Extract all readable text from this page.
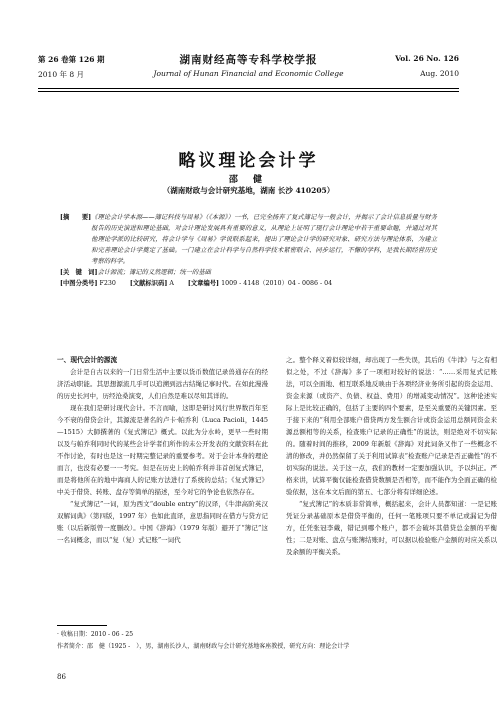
第 26 卷第 126 期
2010 年 8 月
湖南财经高等专科学校学报
Journal of Hunan Financial and Economic College
Vol. 26 No. 126
Aug. 2010
略议理论会计学
邵 健
（湖南财政与会计研究基地，湖南 长沙 410205）
[摘　　要] 《理论会计学本源——簿记科技与周易》（《本源》）一书，已完全扬弃了复式簿记与一般会计，并揭示了会计信息质量与财务报告的历史演进和理论基础，对会计理论发展具有重要的意义，从理论上证明了现行会计理论中若干重要命题，并通过对其他理论学派的比较研究，将会计学与《周易》学说联系起来，提出了理论会计学的研究对象、研究方法与理论体系，为建立和完善理论会计学奠定了基础。一门建立在会计科学与自然科学技术紧密联合、同步运行，不懈的学科，是我长期经营历史考察的科学。
[关　键　词] 会计源流；簿记的义然逻辑；统一的基础
[中图分类号] F230 [文献标识码] A [文章编号] 1009 - 4148（2010）04 - 0086 - 04
一、现代会计的源流

会计是自古以来的一门日常生活中主要以货币数值记录兽通存在的经济活动职能。其思想源流几乎可以追溯到远古结绳记事时代。在如此漫漫的历史长河中，历经沧桑演变，人们自然是难以尽知其详的。

现在我们是研讨现代会计。不言而喻，这即是研讨风行世界数百年至今不衰的借贷会计，其源流是著名的卢卡·帕乔利（Luca Pacioli，1445—1515）大師撰著的《复式簿记》概式。以此为分水岭，更早一些时期以及与帕乔利同时代的某些会计学者们所作的未公开发表的文献资料在此不作讨论，有时也是这一时期完整记录的重要参考。对于会计本身的理论而言，也没有必要一一考究。但是在历史上的帕乔利并非首创复式簿记，而是将他所在的地中海商人的记账方法进行了系统的总结；《复式簿记》中关于借贷、转账、盘存等简单的描述，至今对它的争论也依然存在。

“复式簿记”一词，原为西文“double entry”的汉译，《牛津高阶英汉双解词典》（第四版，1997 年）也如此直译，意思指同时在借方与贷方记账（以后新版曾一度删改）。中国《辞海》（1979 年版）避开了“簿记”这一名词概念，而以“复（复）式记账”一词代

之。整个释义着似较详细，却出现了一些失误，其后的《牛津》与之有相似之处，不过《辞海》多了一项相对较好的说法：“……采用复式记账法，可以全面地、相互联系地反映由于各项经济业务所引起的资金运用、资金来源（或资产、负债、权益、费用）的增减变动情况”。这种论述实际上是比较正确的，包括了主要的四个要素，是至关重要的关键因素。至于接下来的“利用全部账户借贷两方发生额合计或资金运用总额同资金来源总额相等的关系，检查账户记录的正确性”的说法，则是绝对不切实际的。随着时间的推移，2009 年新版《辞海》对此词条又作了一些概念不清的修改，并仍然保留了关于利用试算表“检查账户记录是否正确性”的不切实际的说法。关于这一点，我们的教材一定要加强认识，予以纠正。严格来讲，试算平衡仅能检查借贷数额是否相等，而不能作为全面正确的检验依据，这在本文后面的第五、七部分将有详细论述。

“复式簿记”的本质非常简单，概括起来，会计人员都知道：一是记账凭证分录基础原本是借贷平衡的，任何一笔账项只要不单记或漏记为借方，任凭张冠李戴，错记到哪个账户，都不会破坏其借贷总金额的平衡性；二是对账、盘点与账簿结账时，可以据以检验账户金额的对应关系以及余额的平衡关系。

· 收稿日期：2010 - 06 - 25
作者简介：邵　健（1925 -　），男，湖南长沙人，湖南财政与会计研究基地客座教授，研究方向：理论会计学
86
